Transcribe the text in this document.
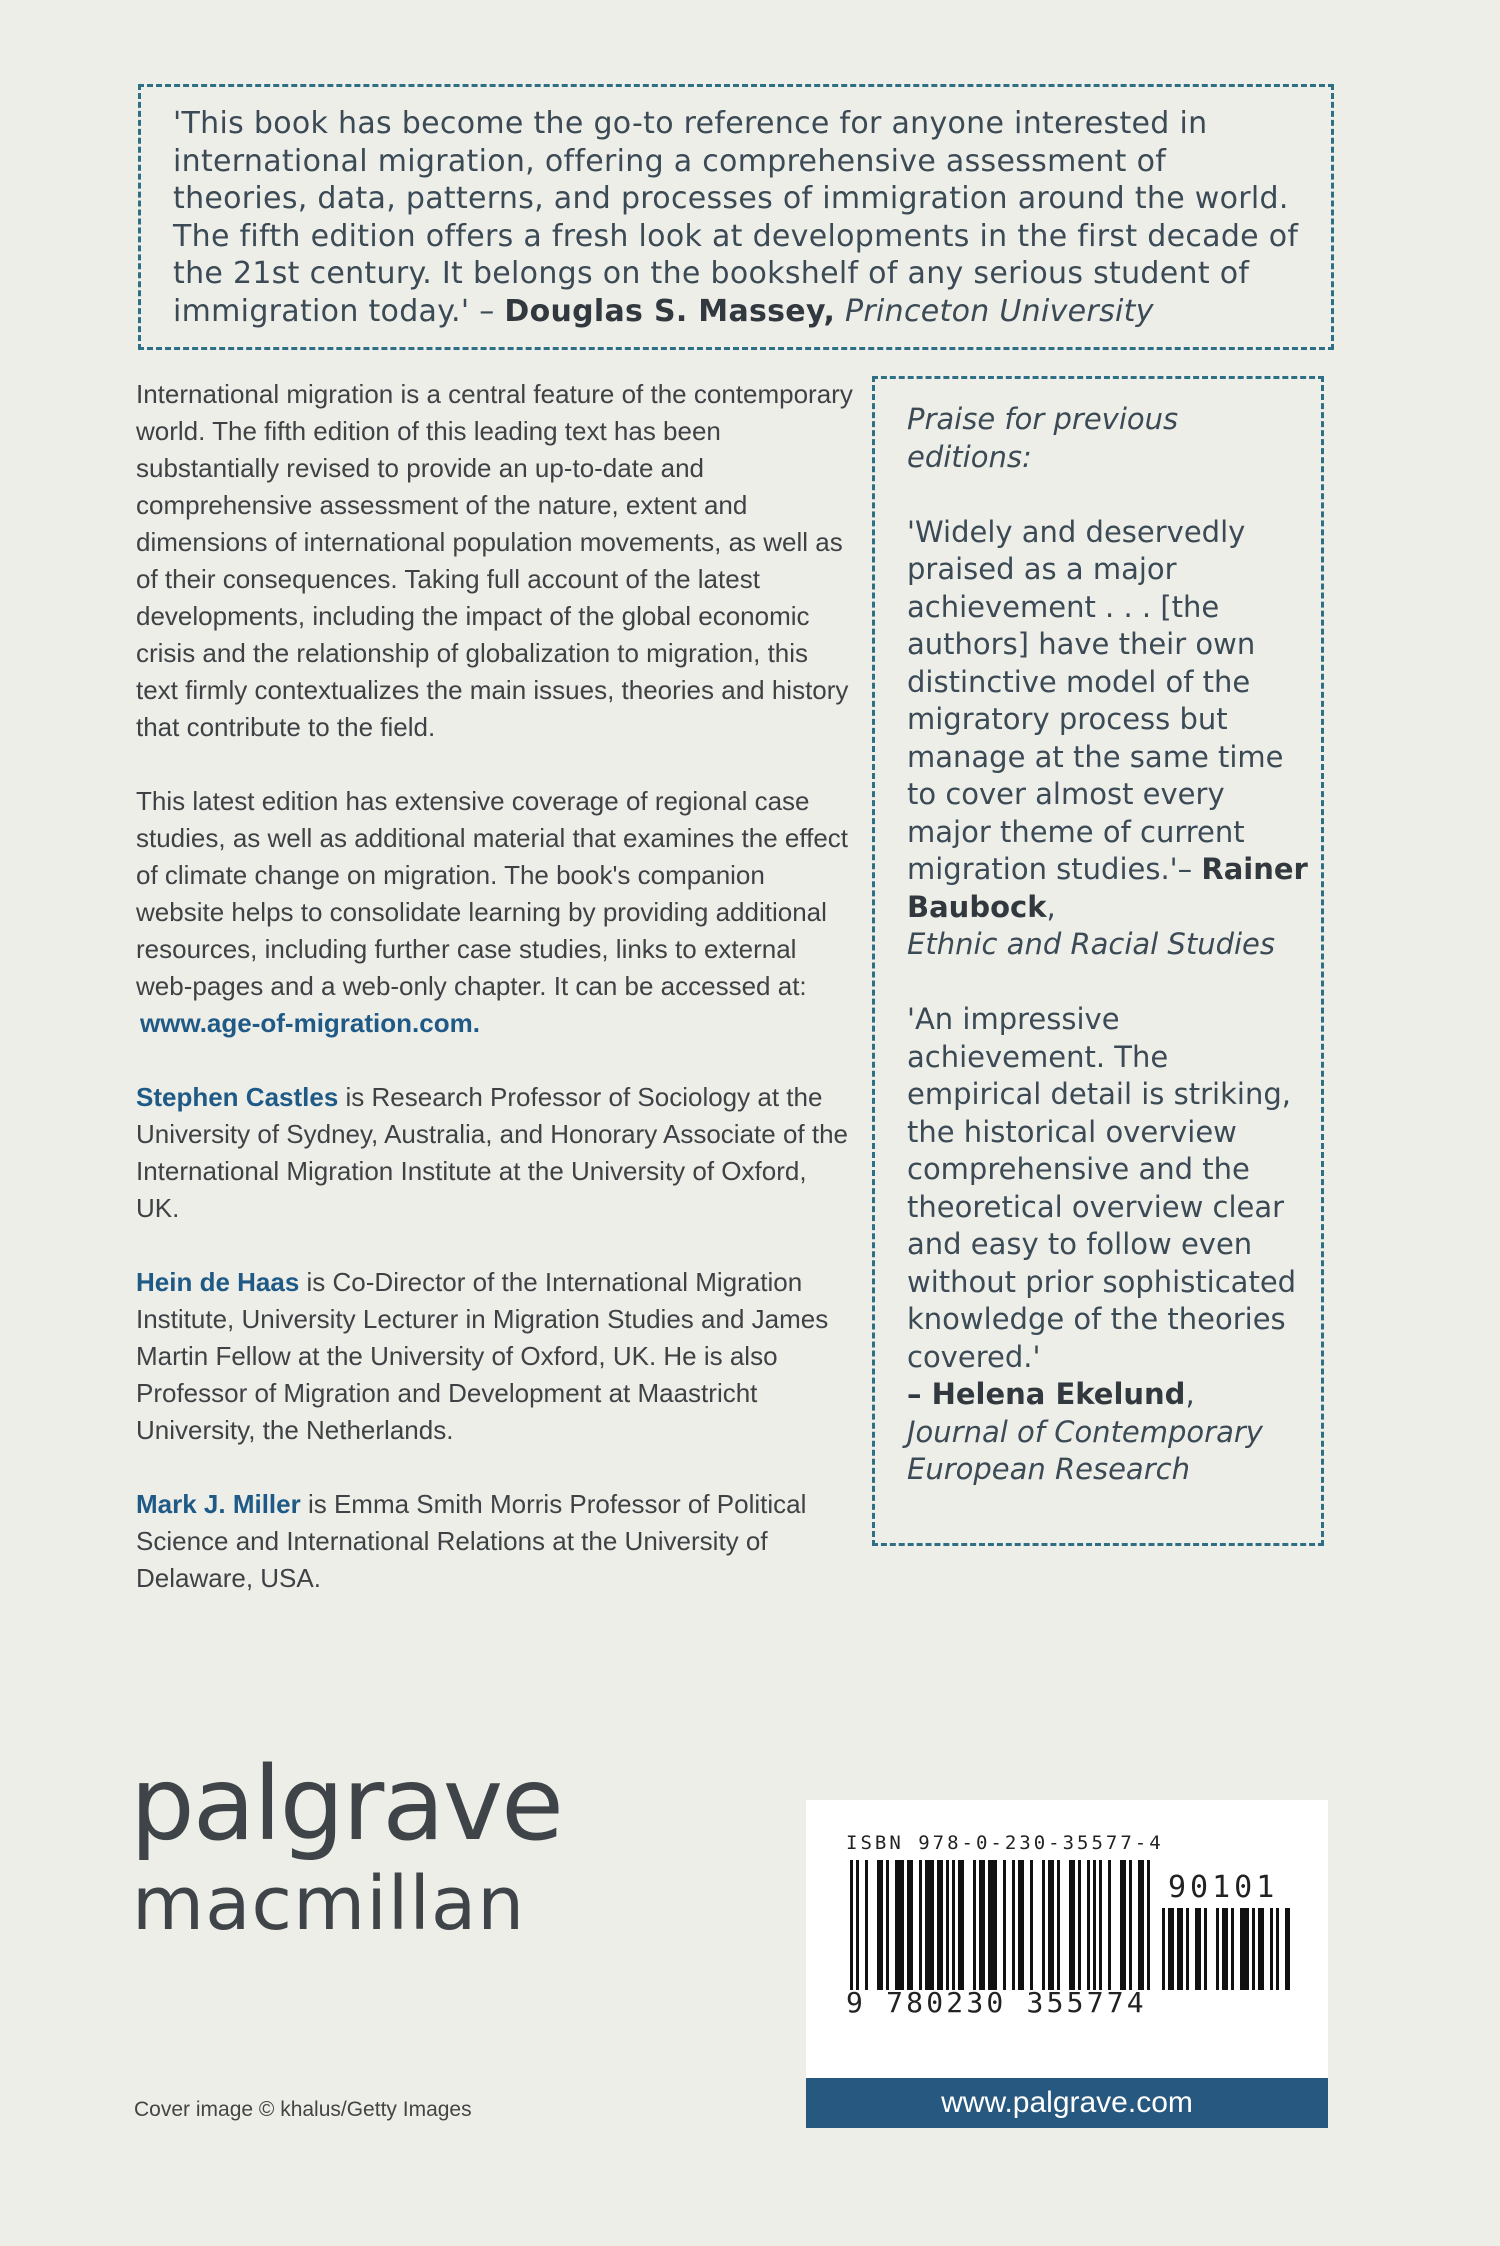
'This book has become the go-to reference for anyone interested in international migration, offering a comprehensive assessment of theories, data, patterns, and processes of immigration around the world. The fifth edition offers a fresh look at developments in the first decade of the 21st century. It belongs on the bookshelf of any serious student of immigration today.' – Douglas S. Massey, Princeton University

International migration is a central feature of the contemporary world. The fifth edition of this leading text has been substantially revised to provide an up-to-date and comprehensive assessment of the nature, extent and dimensions of international population movements, as well as of their consequences. Taking full account of the latest developments, including the impact of the global economic crisis and the relationship of globalization to migration, this text firmly contextualizes the main issues, theories and history that contribute to the field.

This latest edition has extensive coverage of regional case studies, as well as additional material that examines the effect of climate change on migration. The book's companion website helps to consolidate learning by providing additional resources, including further case studies, links to external web-pages and a web-only chapter. It can be accessed at:
www.age-of-migration.com.

Stephen Castles is Research Professor of Sociology at the University of Sydney, Australia, and Honorary Associate of the International Migration Institute at the University of Oxford, UK.

Hein de Haas is Co-Director of the International Migration Institute, University Lecturer in Migration Studies and James Martin Fellow at the University of Oxford, UK. He is also Professor of Migration and Development at Maastricht University, the Netherlands.

Mark J. Miller is Emma Smith Morris Professor of Political Science and International Relations at the University of Delaware, USA.

Praise for previous editions:

'Widely and deservedly praised as a major achievement . . . [the authors] have their own distinctive model of the migratory process but manage at the same time to cover almost every major theme of current migration studies.'– Rainer Baubock,
Ethnic and Racial Studies

'An impressive achievement. The empirical detail is striking, the historical overview comprehensive and the theoretical overview clear and easy to follow even without prior sophisticated knowledge of the theories covered.'
– Helena Ekelund,
Journal of Contemporary European Research

palgrave
macmillan
Cover image © khalus/Getty Images
ISBN 978-0-230-35577-4
90101
9 780230 355774
www.palgrave.com
